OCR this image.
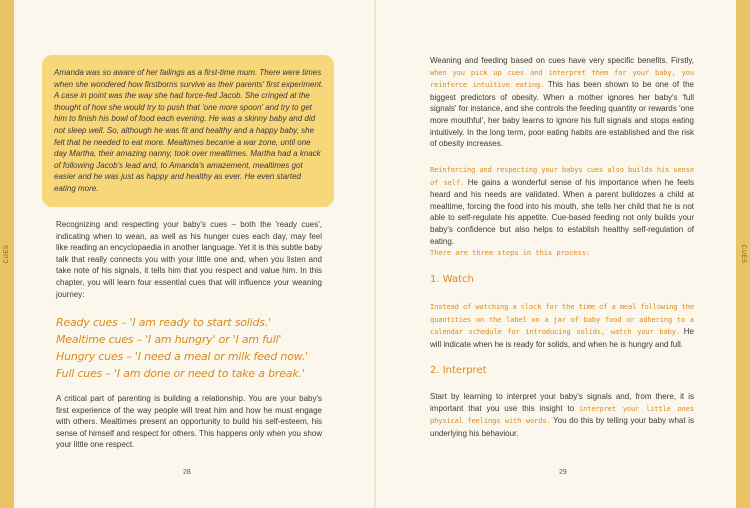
CUES	CUES

Amanda was so aware of her failings as a first-time mum. There were times when she wondered how firstborns survive as their parents' first experiment. A case in point was the way she had force-fed Jacob. She cringed at the thought of how she would try to push that 'one more spoon' and try to get him to finish his bowl of food each evening. He was a skinny baby and did not sleep well. So, although he was fit and healthy and a happy baby, she felt that he needed to eat more. Mealtimes became a war zone, until one day Martha, their amazing nanny, took over mealtimes. Martha had a knack of following Jacob's lead and, to Amanda's amazement, mealtimes got easier and he was just as happy and healthy as ever. He even started eating more.

Recognizing and respecting your baby's cues – both the 'ready cues', indicating when to wean, as well as his hunger cues each day, may feel like reading an encyclopaedia in another language. Yet it is this subtle baby talk that really connects you with your little one and, when you listen and take note of his signals, it tells him that you respect and value him. In this chapter, you will learn four essential cues that will influence your weaning journey:

Ready cues – 'I am ready to start solids.'
Mealtime cues – 'I am hungry' or 'I am full'
Hungry cues – 'I need a meal or milk feed now.'
Full cues – 'I am done or need to take a break.'

A critical part of parenting is building a relationship. You are your baby's first experience of the way people will treat him and how he must engage with others. Mealtimes present an opportunity to build his self-esteem, his sense of himself and respect for others. This happens only when you show your little one respect.

28

Weaning and feeding based on cues have very specific benefits. Firstly, when you pick up cues and interpret them for your baby, you reinforce intuitive eating. This has been shown to be one of the biggest predictors of obesity. When a mother ignores her baby's 'full signals' for instance, and she controls the feeding quantity or rewards 'one more mouthful', her baby learns to ignore his full signals and stops eating intuitively. In the long term, poor eating habits are established and the risk of obesity increases.

Reinforcing and respecting your babys cues also builds his sense of self. He gains a wonderful sense of his importance when he feels heard and his needs are validated. When a parent bulldozes a child at mealtime, forcing the food into his mouth, she tells her child that he is not able to self-regulate his appetite. Cue-based feeding not only builds your baby's confidence but also helps to establish healthy self-regulation of eating.

There are three steps in this process:

1. Watch

Instead of watching a clock for the time of a meal following the quantities on the label on a jar of baby food or adhering to a calendar schedule for introducing solids, watch your baby. He will indicate when he is ready for solids, and when he is hungry and full.

2. Interpret

Start by learning to interpret your baby's signals and, from there, it is important that you use this insight to interpret your little ones physical feelings with words. You do this by telling your baby what is underlying his behaviour.

29
